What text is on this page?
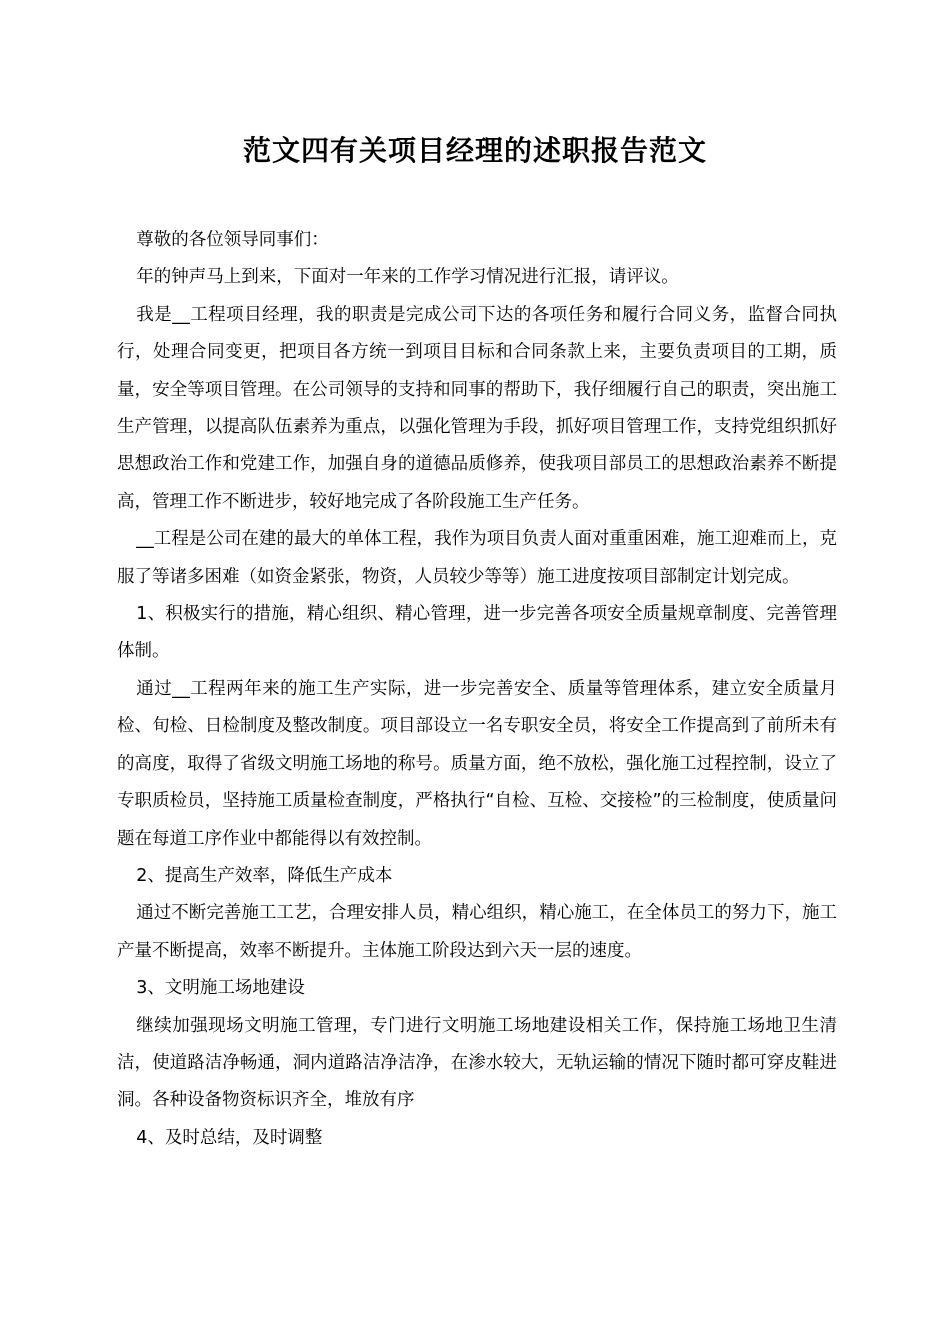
范文四有关项目经理的述职报告范文

尊敬的各位领导同事们：

年的钟声马上到来，下面对一年来的工作学习情况进行汇报，请评议。

我是__工程项目经理，我的职责是完成公司下达的各项任务和履行合同义务，监督合同执行，处理合同变更，把项目各方统一到项目目标和合同条款上来，主要负责项目的工期，质量，安全等项目管理。在公司领导的支持和同事的帮助下，我仔细履行自己的职责，突出施工生产管理，以提高队伍素养为重点，以强化管理为手段，抓好项目管理工作，支持党组织抓好思想政治工作和党建工作，加强自身的道德品质修养，使我项目部员工的思想政治素养不断提高，管理工作不断进步，较好地完成了各阶段施工生产任务。

__工程是公司在建的最大的单体工程，我作为项目负责人面对重重困难，施工迎难而上，克服了等诸多困难（如资金紧张，物资，人员较少等等）施工进度按项目部制定计划完成。

1、积极实行的措施，精心组织、精心管理，进一步完善各项安全质量规章制度、完善管理体制。

通过__工程两年来的施工生产实际，进一步完善安全、质量等管理体系，建立安全质量月检、旬检、日检制度及整改制度。项目部设立一名专职安全员，将安全工作提高到了前所未有的高度，取得了省级文明施工场地的称号。质量方面，绝不放松，强化施工过程控制，设立了专职质检员，坚持施工质量检查制度，严格执行“自检、互检、交接检”的三检制度，使质量问题在每道工序作业中都能得以有效控制。

2、提高生产效率，降低生产成本

通过不断完善施工工艺，合理安排人员，精心组织，精心施工，在全体员工的努力下，施工产量不断提高，效率不断提升。主体施工阶段达到六天一层的速度。

3、文明施工场地建设

继续加强现场文明施工管理，专门进行文明施工场地建设相关工作，保持施工场地卫生清洁，使道路洁净畅通，洞内道路洁净洁净，在渗水较大，无轨运输的情况下随时都可穿皮鞋进洞。各种设备物资标识齐全，堆放有序

4、及时总结，及时调整
